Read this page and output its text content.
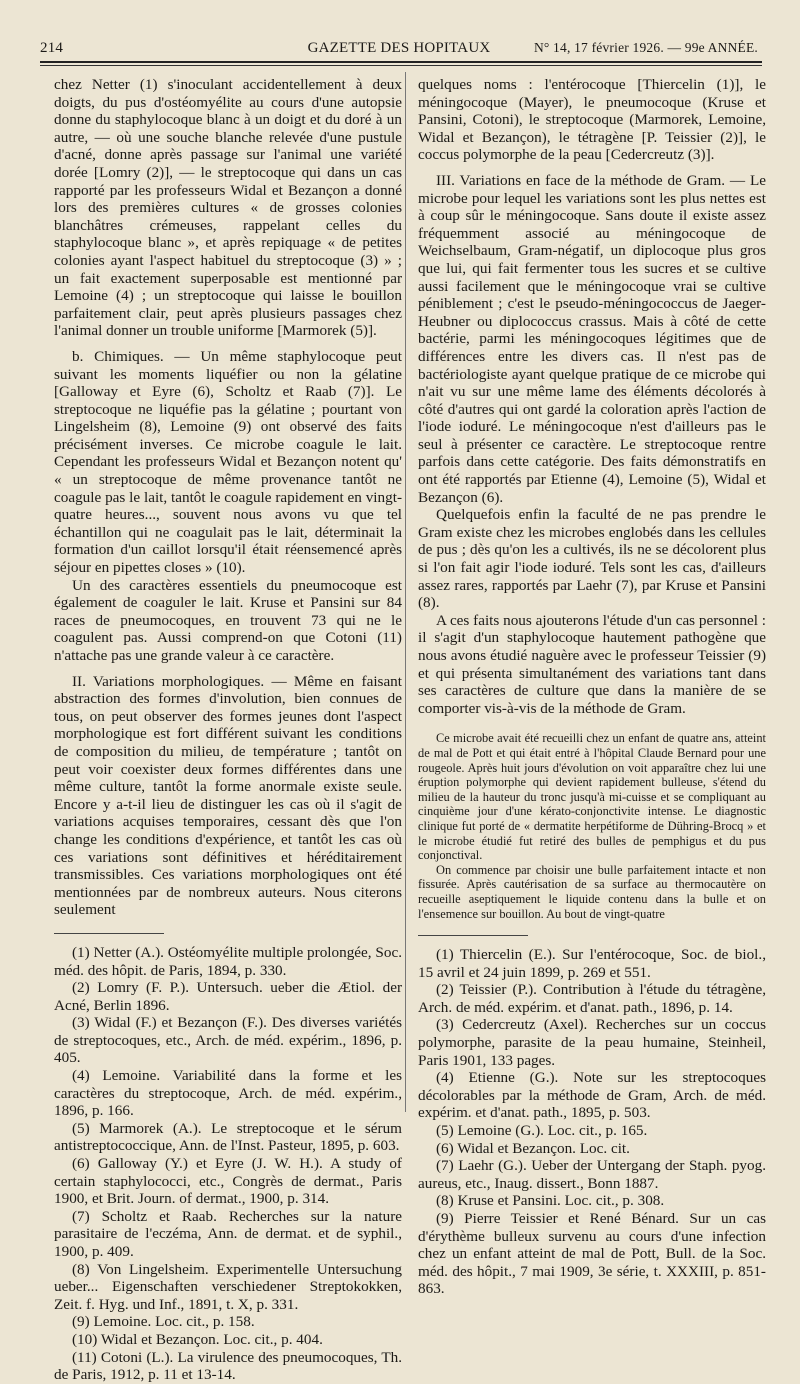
214	GAZETTE DES HOPITAUX	N° 14, 17 février 1926. — 99e ANNÉE.

chez Netter (1) s'inoculant accidentellement à deux doigts, du pus d'ostéomyélite au cours d'une autopsie donne du staphylocoque blanc à un doigt et du doré à un autre, — où une souche blanche relevée d'une pustule d'acné, donne après passage sur l'animal une variété dorée [Lomry (2)], — le streptocoque qui dans un cas rapporté par les professeurs Widal et Bezançon a donné lors des premières cultures « de grosses colonies blanchâtres crémeuses, rappelant celles du staphylocoque blanc », et après repiquage « de petites colonies ayant l'aspect habituel du streptocoque (3) » ; un fait exactement superposable est mentionné par Lemoine (4) ; un streptocoque qui laisse le bouillon parfaitement clair, peut après plusieurs passages chez l'animal donner un trouble uniforme [Marmorek (5)].

b. Chimiques. — Un même staphylocoque peut suivant les moments liquéfier ou non la gélatine [Galloway et Eyre (6), Scholtz et Raab (7)]. Le streptocoque ne liquéfie pas la gélatine ; pourtant von Lingelsheim (8), Lemoine (9) ont observé des faits précisément inverses. Ce microbe coagule le lait. Cependant les professeurs Widal et Bezançon notent qu' « un streptocoque de même provenance tantôt ne coagule pas le lait, tantôt le coagule rapidement en vingt-quatre heures..., souvent nous avons vu que tel échantillon qui ne coagulait pas le lait, déterminait la formation d'un caillot lorsqu'il était réensemencé après séjour en pipettes closes » (10).

Un des caractères essentiels du pneumocoque est également de coaguler le lait. Kruse et Pansini sur 84 races de pneumocoques, en trouvent 73 qui ne le coagulent pas. Aussi comprend-on que Cotoni (11) n'attache pas une grande valeur à ce caractère.

II. Variations morphologiques. — Même en faisant abstraction des formes d'involution, bien connues de tous, on peut observer des formes jeunes dont l'aspect morphologique est fort différent suivant les conditions de composition du milieu, de température ; tantôt on peut voir coexister deux formes différentes dans une même culture, tantôt la forme anormale existe seule. Encore y a-t-il lieu de distinguer les cas où il s'agit de variations acquises temporaires, cessant dès que l'on change les conditions d'expérience, et tantôt les cas où ces variations sont définitives et héréditairement transmissibles. Ces variations morphologiques ont été mentionnées par de nombreux auteurs. Nous citerons seulement

(1) Netter (A.). Ostéomyélite multiple prolongée, Soc. méd. des hôpit. de Paris, 1894, p. 330.

(2) Lomry (F. P.). Untersuch. ueber die Ætiol. der Acné, Berlin 1896.

(3) Widal (F.) et Bezançon (F.). Des diverses variétés de streptocoques, etc., Arch. de méd. expérim., 1896, p. 405.

(4) Lemoine. Variabilité dans la forme et les caractères du streptocoque, Arch. de méd. expérim., 1896, p. 166.

(5) Marmorek (A.). Le streptocoque et le sérum antistreptococcique, Ann. de l'Inst. Pasteur, 1895, p. 603.

(6) Galloway (Y.) et Eyre (J. W. H.). A study of certain staphylococci, etc., Congrès de dermat., Paris 1900, et Brit. Journ. of dermat., 1900, p. 314.

(7) Scholtz et Raab. Recherches sur la nature parasitaire de l'eczéma, Ann. de dermat. et de syphil., 1900, p. 409.

(8) Von Lingelsheim. Experimentelle Untersuchung ueber... Eigenschaften verschiedener Streptokokken, Zeit. f. Hyg. und Inf., 1891, t. X, p. 331.

(9) Lemoine. Loc. cit., p. 158.

(10) Widal et Bezançon. Loc. cit., p. 404.

(11) Cotoni (L.). La virulence des pneumocoques, Th. de Paris, 1912, p. 11 et 13-14.

quelques noms : l'entérocoque [Thiercelin (1)], le méningocoque (Mayer), le pneumocoque (Kruse et Pansini, Cotoni), le streptocoque (Marmorek, Lemoine, Widal et Bezançon), le tétragène [P. Teissier (2)], le coccus polymorphe de la peau [Cedercreutz (3)].

III. Variations en face de la méthode de Gram. — Le microbe pour lequel les variations sont les plus nettes est à coup sûr le méningocoque. Sans doute il existe assez fréquemment associé au méningocoque de Weichselbaum, Gram-négatif, un diplocoque plus gros que lui, qui fait fermenter tous les sucres et se cultive aussi facilement que le méningocoque vrai se cultive péniblement ; c'est le pseudo-méningococcus de Jaeger-Heubner ou diplococcus crassus. Mais à côté de cette bactérie, parmi les méningocoques légitimes que de différences entre les divers cas. Il n'est pas de bactériologiste ayant quelque pratique de ce microbe qui n'ait vu sur une même lame des éléments décolorés à côté d'autres qui ont gardé la coloration après l'action de l'iode ioduré. Le méningocoque n'est d'ailleurs pas le seul à présenter ce caractère. Le streptocoque rentre parfois dans cette catégorie. Des faits démonstratifs en ont été rapportés par Etienne (4), Lemoine (5), Widal et Bezançon (6).

Quelquefois enfin la faculté de ne pas prendre le Gram existe chez les microbes englobés dans les cellules de pus ; dès qu'on les a cultivés, ils ne se décolorent plus si l'on fait agir l'iode ioduré. Tels sont les cas, d'ailleurs assez rares, rapportés par Laehr (7), par Kruse et Pansini (8).

A ces faits nous ajouterons l'étude d'un cas personnel : il s'agit d'un staphylocoque hautement pathogène que nous avons étudié naguère avec le professeur Teissier (9) et qui présenta simultanément des variations tant dans ses caractères de culture que dans la manière de se comporter vis-à-vis de la méthode de Gram.

Ce microbe avait été recueilli chez un enfant de quatre ans, atteint de mal de Pott et qui était entré à l'hôpital Claude Bernard pour une rougeole. Après huit jours d'évolution on voit apparaître chez lui une éruption polymorphe qui devient rapidement bulleuse, s'étend du milieu de la hauteur du tronc jusqu'à mi-cuisse et se compliquant au cinquième jour d'une kérato-conjonctivite intense. Le diagnostic clinique fut porté de « dermatite herpétiforme de Dühring-Brocq » et le microbe étudié fut retiré des bulles de pemphigus et du pus conjonctival.

On commence par choisir une bulle parfaitement intacte et non fissurée. Après cautérisation de sa surface au thermocautère on recueille aseptiquement le liquide contenu dans la bulle et on l'ensemence sur bouillon. Au bout de vingt-quatre

(1) Thiercelin (E.). Sur l'entérocoque, Soc. de biol., 15 avril et 24 juin 1899, p. 269 et 551.

(2) Teissier (P.). Contribution à l'étude du tétragène, Arch. de méd. expérim. et d'anat. path., 1896, p. 14.

(3) Cedercreutz (Axel). Recherches sur un coccus polymorphe, parasite de la peau humaine, Steinheil, Paris 1901, 133 pages.

(4) Etienne (G.). Note sur les streptocoques décolorables par la méthode de Gram, Arch. de méd. expérim. et d'anat. path., 1895, p. 503.

(5) Lemoine (G.). Loc. cit., p. 165.

(6) Widal et Bezançon. Loc. cit.

(7) Laehr (G.). Ueber der Untergang der Staph. pyog. aureus, etc., Inaug. dissert., Bonn 1887.

(8) Kruse et Pansini. Loc. cit., p. 308.

(9) Pierre Teissier et René Bénard. Sur un cas d'érythème bulleux survenu au cours d'une infection chez un enfant atteint de mal de Pott, Bull. de la Soc. méd. des hôpit., 7 mai 1909, 3e série, t. XXXIII, p. 851-863.
